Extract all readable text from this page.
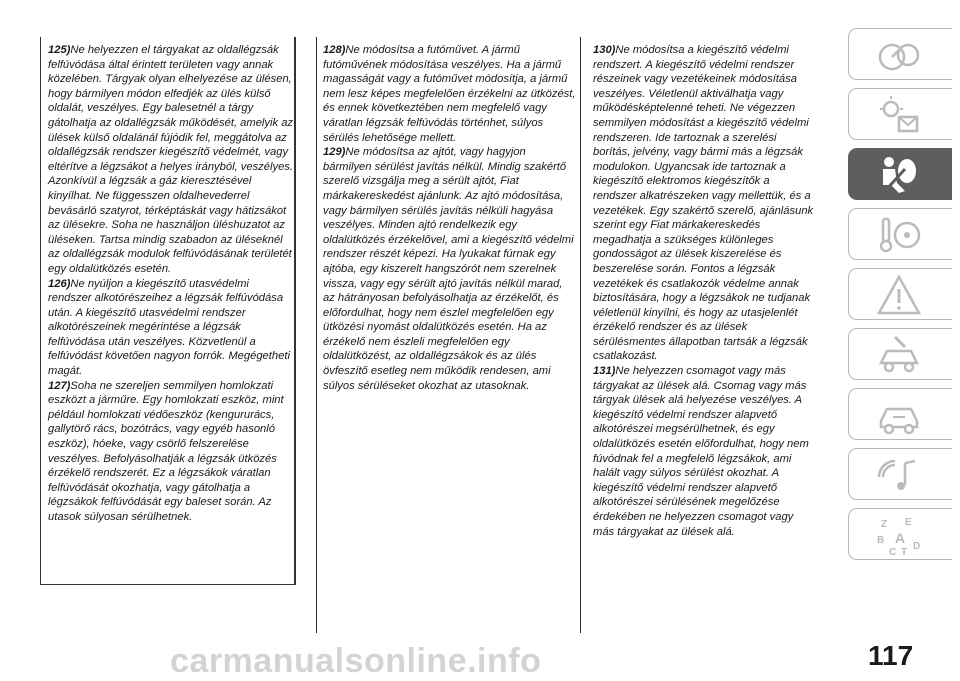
125)Ne helyezzen el tárgyakat az oldallégzsák felfúvódása által érintett területen vagy annak közelében. Tárgyak olyan elhelyezése az ülésen, hogy bármilyen módon elfedjék az ülés külső oldalát, veszélyes. Egy balesetnél a tárgy gátolhatja az oldallégzsák működését, amelyik az ülések külső oldalánál fújódik fel, meggátolva az oldallégzsák rendszer kiegészítő védelmét, vagy eltérítve a légzsákot a helyes irányból, veszélyes. Azonkívül a légzsák a gáz kieresztésével kinyílhat. Ne függesszen oldalhevederrel bevásárló szatyrot, térképtáskát vagy hátizsákot az ülésekre. Soha ne használjon üléshuzatot az üléseken. Tartsa mindig szabadon az üléseknél az oldallégzsák modulok felfúvódásának területét egy oldalütközés esetén.
126)Ne nyúljon a kiegészítő utasvédelmi rendszer alkotórészeihez a légzsák felfúvódása után. A kiegészítő utasvédelmi rendszer alkotórészeinek megérintése a légzsák felfúvódása után veszélyes. Közvetlenül a felfúvódást követően nagyon forrók. Megégetheti magát.
127)Soha ne szereljen semmilyen homlokzati eszközt a járműre. Egy homlokzati eszköz, mint például homlokzati védőeszköz (kengururács, gallytörő rács, bozótrács, vagy egyéb hasonló eszköz), hóeke, vagy csörlő felszerelése veszélyes. Befolyásolhatják a légzsák ütközés érzékelő rendszerét. Ez a légzsákok váratlan felfúvódását okozhatja, vagy gátolhatja a légzsákok felfúvódását egy baleset során. Az utasok súlyosan sérülhetnek.
128)Ne módosítsa a futóművet. A jármű futóművének módosítása veszélyes. Ha a jármű magasságát vagy a futóművet módosítja, a jármű nem lesz képes megfelelően érzékelni az ütközést, és ennek következtében nem megfelelő vagy váratlan légzsák felfúvódás történhet, súlyos sérülés lehetősége mellett.
129)Ne módosítsa az ajtót, vagy hagyjon bármilyen sérülést javítás nélkül. Mindig szakértő szerelő vizsgálja meg a sérült ajtót, Fiat márkakereskedést ajánlunk. Az ajtó módosítása, vagy bármilyen sérülés javítás nélküli hagyása veszélyes. Minden ajtó rendelkezik egy oldalütközés érzékelővel, ami a kiegészítő védelmi rendszer részét képezi. Ha lyukakat fúrnak egy ajtóba, egy kiszerelt hangszórót nem szerelnek vissza, vagy egy sérült ajtó javítás nélkül marad, az hátrányosan befolyásolhatja az érzékelőt, és előfordulhat, hogy nem észlel megfelelően egy ütközési nyomást oldalütközés esetén. Ha az érzékelő nem észleli megfelelően egy oldalütközést, az oldallégzsákok és az ülés övfeszítő esetleg nem működik rendesen, ami súlyos sérüléseket okozhat az utasoknak.
130)Ne módosítsa a kiegészítő védelmi rendszert. A kiegészítő védelmi rendszer részeinek vagy vezetékeinek módosítása veszélyes. Véletlenül aktiválhatja vagy működésképtelenné teheti. Ne végezzen semmilyen módosítást a kiegészítő védelmi rendszeren. Ide tartoznak a szerelési borítás, jelvény, vagy bármi más a légzsák modulokon. Ugyancsak ide tartoznak a kiegészítő elektromos kiegészítők a rendszer alkatrészeken vagy mellettük, és a vezetékek. Egy szakértő szerelő, ajánlásunk szerint egy Fiat márkakereskedés megadhatja a szükséges különleges gondosságot az ülések kiszerelése és beszerelése során. Fontos a légzsák vezetékek és csatlakozók védelme annak biztosítására, hogy a légzsákok ne tudjanak véletlenül kinyílni, és hogy az utasjelenlét érzékelő rendszer és az ülések sérülésmentes állapotban tartsák a légzsák csatlakozást.
131)Ne helyezzen csomagot vagy más tárgyakat az ülések alá. Csomag vagy más tárgyak ülések alá helyezése veszélyes. A kiegészítő védelmi rendszer alapvető alkotórészei megsérülhetnek, és egy oldalütközés esetén előfordulhat, hogy nem fúvódnak fel a megfelelő légzsákok, ami halált vagy súlyos sérülést okozhat. A kiegészítő védelmi rendszer alapvető alkotórészei sérülésének megelőzése érdekében ne helyezzen csomagot vagy más tárgyakat az ülések alá.
Z E
B A
C T
D
carmanualsonline.info	117
